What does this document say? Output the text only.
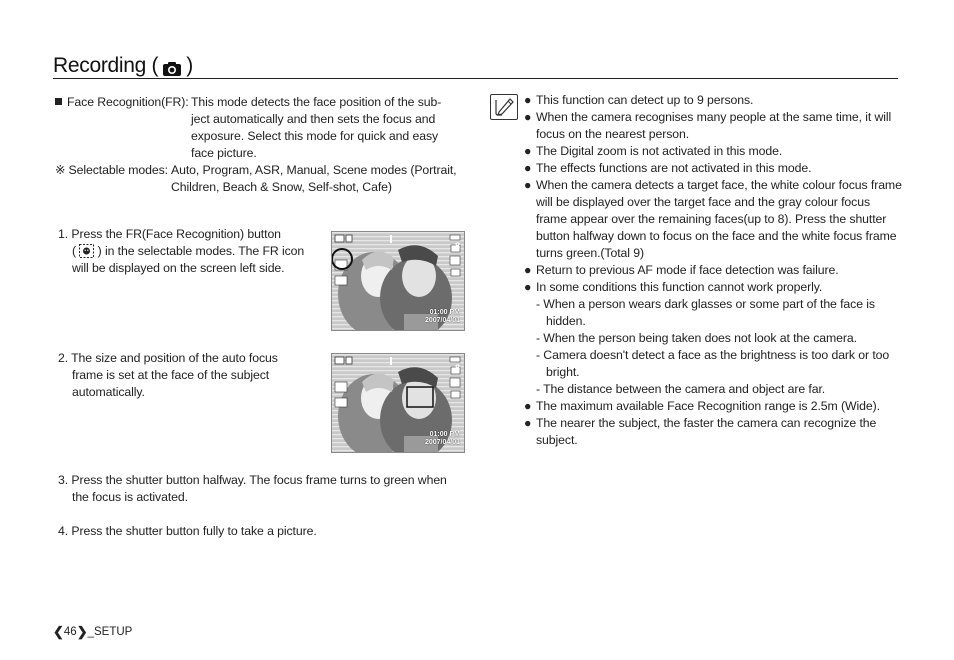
Recording ( )
Face Recognition(FR): This mode detects the face position of the sub-
ject automatically and then sets the focus and
exposure. Select this mode for quick and easy
face picture.
※ Selectable modes: Auto, Program, ASR, Manual, Scene modes (Portrait,
Children, Beach & Snow, Self-shot, Cafe)
1. Press the FR(Face Recognition) button
( ) in the selectable modes. The FR icon
will be displayed on the screen left side.
8
01:00 PM
2007/04/01
2. The size and position of the auto focus
frame is set at the face of the subject
automatically.
8
01:00 PM
2007/04/01
3. Press the shutter button halfway. The focus frame turns to green when
the focus is activated.
4. Press the shutter button fully to take a picture.
● This function can detect up to 9 persons.
● When the camera recognises many people at the same time, it will focus on the nearest person.
● The Digital zoom is not activated in this mode.
● The effects functions are not activated in this mode.
● When the camera detects a target face, the white colour focus frame will be displayed over the target face and the gray colour focus frame appear over the remaining faces(up to 8). Press the shutter button halfway down to focus on the face and the white focus frame turns green.(Total 9)
● Return to previous AF mode if face detection was failure.
● In some conditions this function cannot work properly.
- When a person wears dark glasses or some part of the face is hidden.
- When the person being taken does not look at the camera.
- Camera doesn't detect a face as the brightness is too dark or too bright.
- The distance between the camera and object are far.
● The maximum available Face Recognition range is 2.5m (Wide).
● The nearer the subject, the faster the camera can recognize the subject.
❮ 46 ❯ _SETUP
